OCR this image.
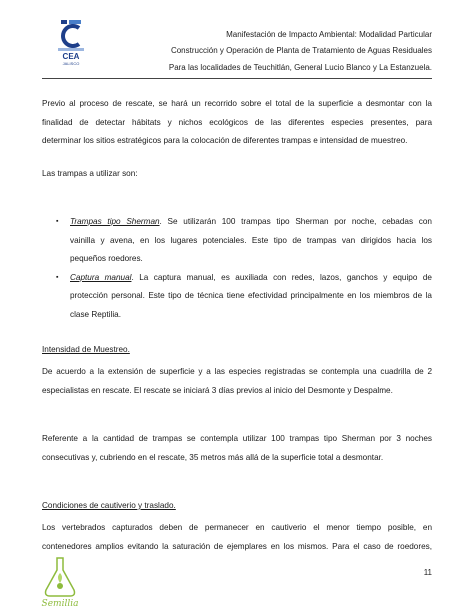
CEA
JALISCO
Manifestación de Impacto Ambiental: Modalidad Particular
Construcción y Operación de Planta de Tratamiento de Aguas Residuales
Para las localidades de Teuchitlán, General Lucio Blanco y La Estanzuela.
Previo al proceso de rescate, se hará un recorrido sobre el total de la superficie a desmontar con la
finalidad de detectar hábitats y nichos ecológicos de las diferentes especies presentes, para
determinar los sitios estratégicos para la colocación de diferentes trampas e intensidad de muestreo.
Las trampas a utilizar son:
▪ Trampas tipo Sherman. Se utilizarán 100 trampas tipo Sherman por noche, cebadas con
vainilla y avena, en los lugares potenciales. Este tipo de trampas van dirigidos hacia los
pequeños roedores.
▪ Captura manual. La captura manual, es auxiliada con redes, lazos, ganchos y equipo de
protección personal. Este tipo de técnica tiene efectividad principalmente en los miembros de la
clase Reptilia.
Intensidad de Muestreo.
De acuerdo a la extensión de superficie y a las especies registradas se contempla una cuadrilla de 2
especialistas en rescate. El rescate se iniciará 3 días previos al inicio del Desmonte y Despalme.
Referente a la cantidad de trampas se contempla utilizar 100 trampas tipo Sherman por 3 noches
consecutivas y, cubriendo en el rescate, 35 metros más allá de la superficie total a desmontar.
Condiciones de cautiverio y traslado.
Los vertebrados capturados deben de permanecer en cautiverio el menor tiempo posible, en
contenedores amplios evitando la saturación de ejemplares en los mismos. Para el caso de roedores,
Semillia
11
